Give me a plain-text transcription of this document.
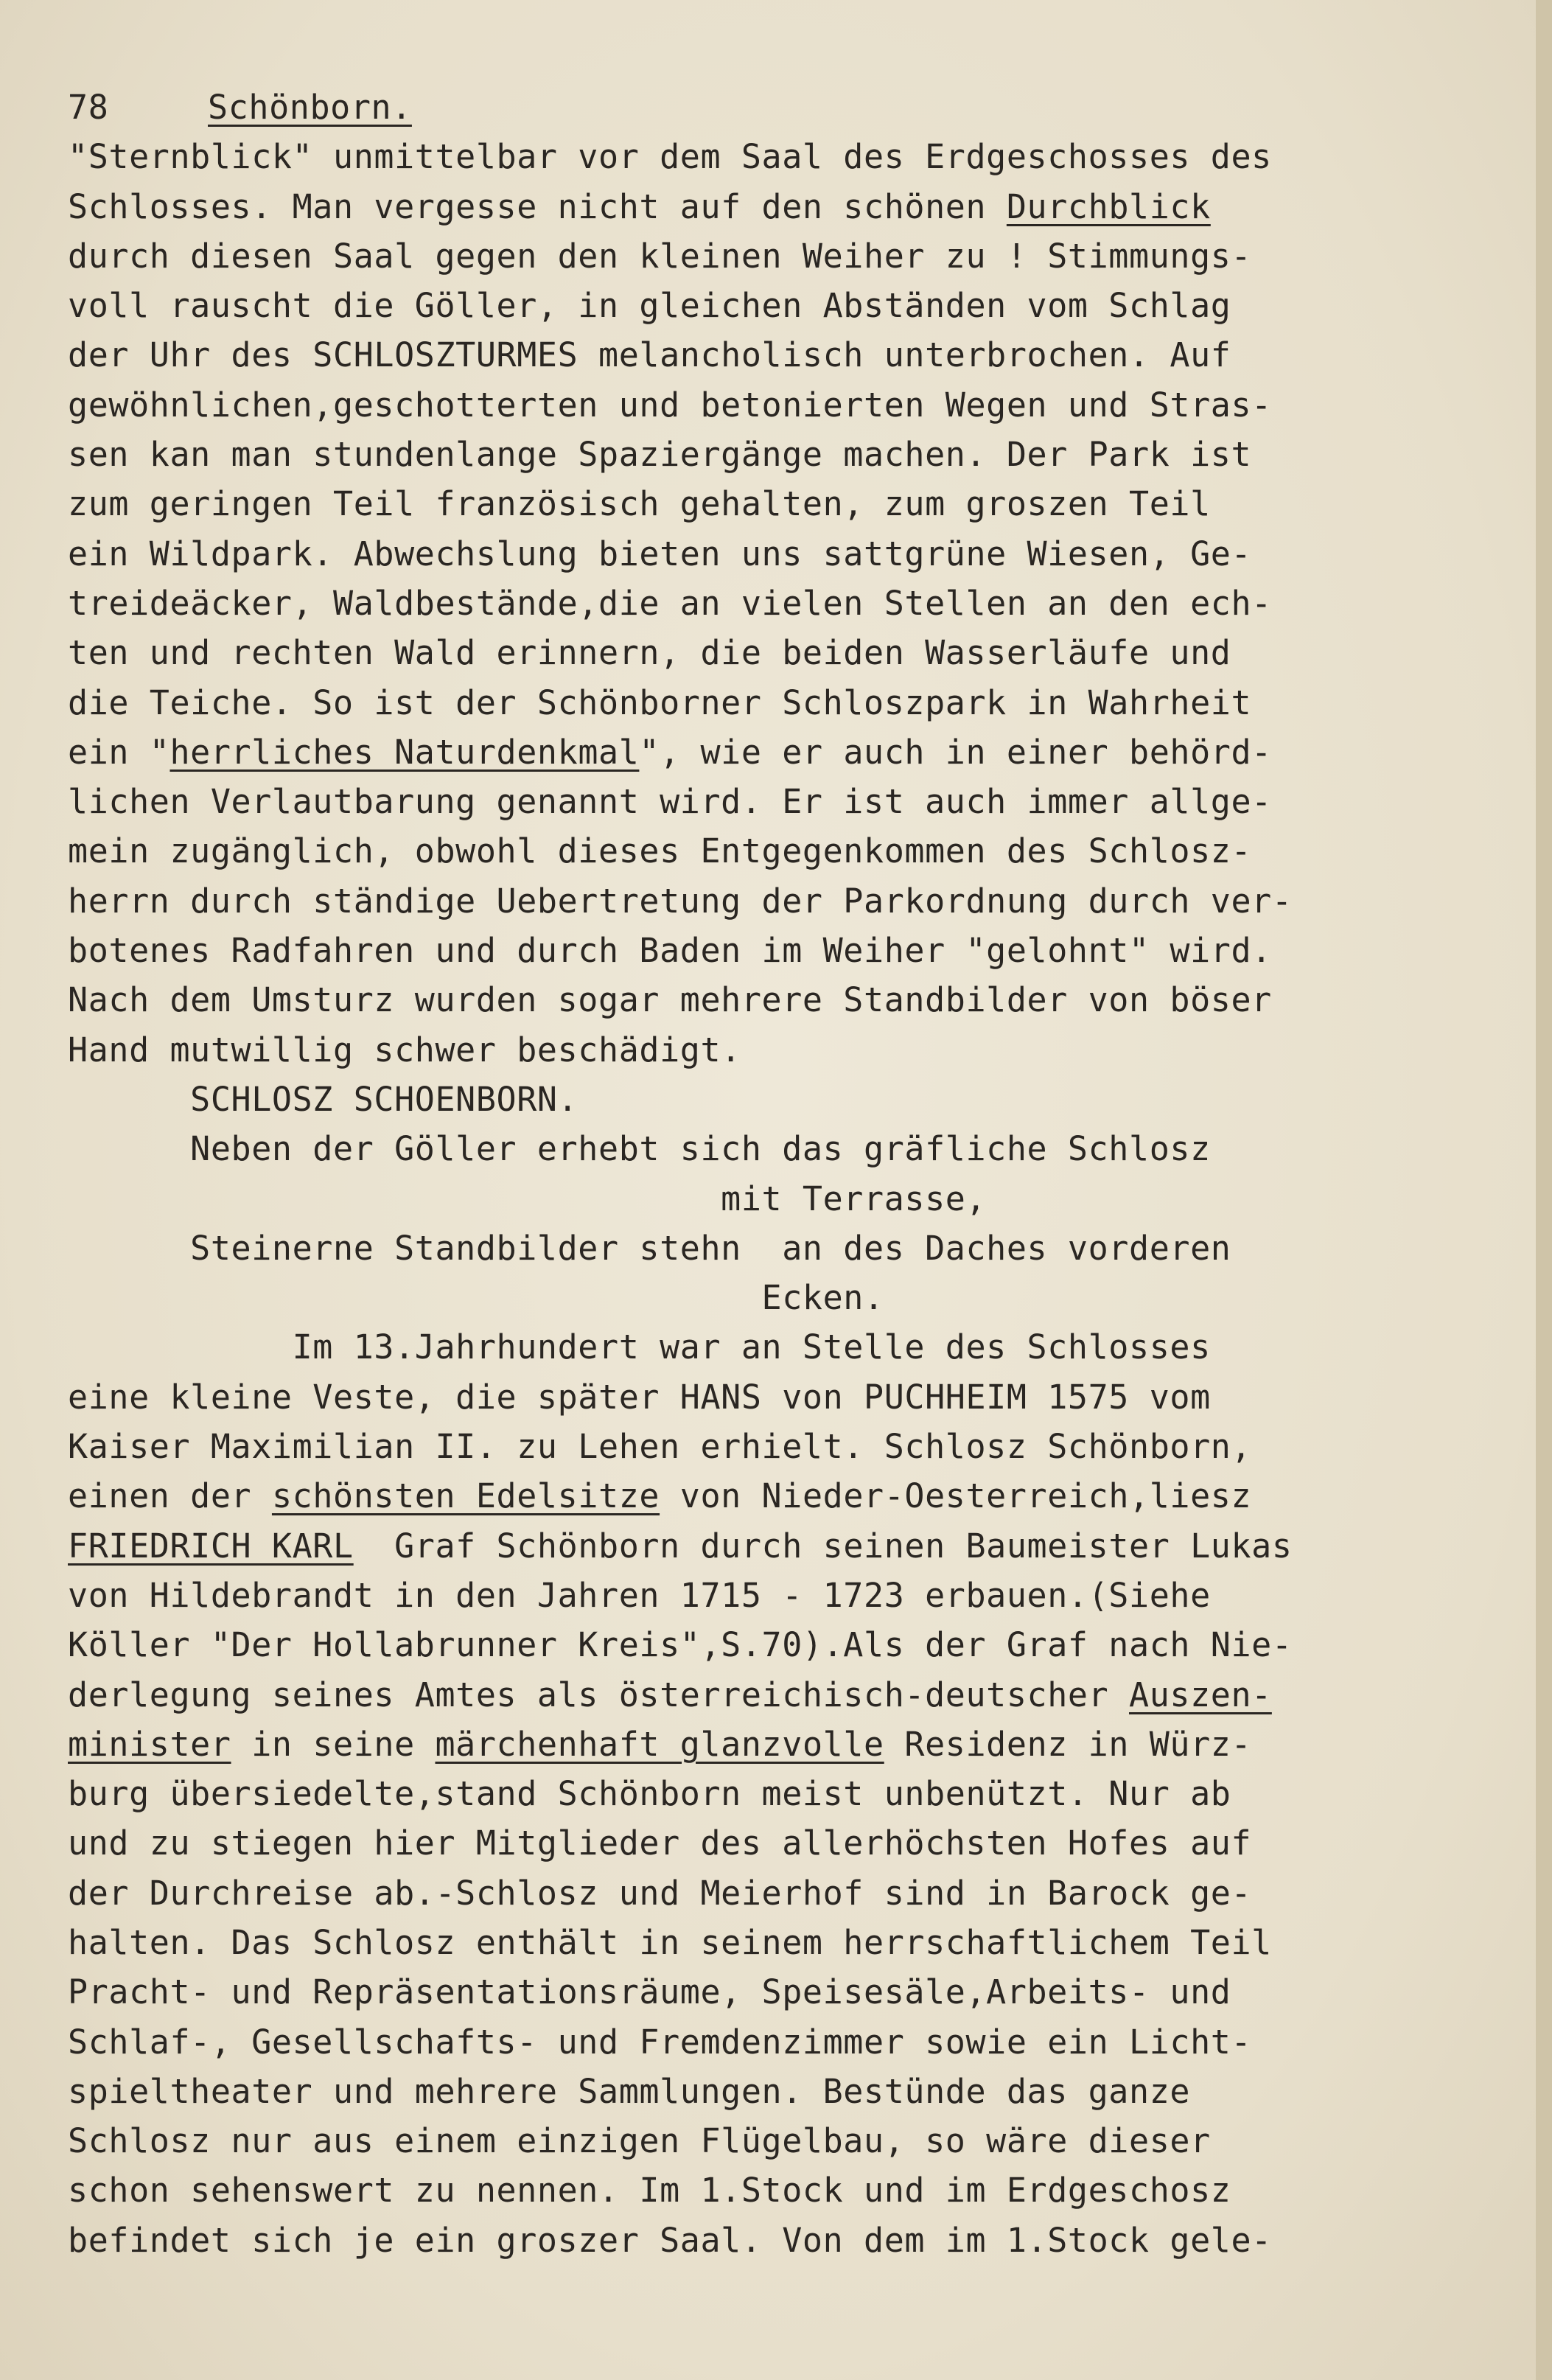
78	Schönborn.
"Sternblick" unmittelbar vor dem Saal des Erdgeschosses des
Schlosses. Man vergesse nicht auf den schönen Durchblick
durch diesen Saal gegen den kleinen Weiher zu ! Stimmungs-
voll rauscht die Göller, in gleichen Abständen vom Schlag
der Uhr des SCHLOSZTURMES melancholisch unterbrochen. Auf
gewöhnlichen,geschotterten und betonierten Wegen und Stras-
sen kan man stundenlange Spaziergänge machen. Der Park ist
zum geringen Teil französisch gehalten, zum groszen Teil
ein Wildpark. Abwechslung bieten uns sattgrüne Wiesen, Ge-
treideäcker, Waldbestände,die an vielen Stellen an den ech-
ten und rechten Wald erinnern, die beiden Wasserläufe und
die Teiche. So ist der Schönborner Schloszpark in Wahrheit
ein "herrliches Naturdenkmal", wie er auch in einer behörd-
lichen Verlautbarung genannt wird. Er ist auch immer allge-
mein zugänglich, obwohl dieses Entgegenkommen des Schlosz-
herrn durch ständige Uebertretung der Parkordnung durch ver-
botenes Radfahren und durch Baden im Weiher "gelohnt" wird.
Nach dem Umsturz wurden sogar mehrere Standbilder von böser
Hand mutwillig schwer beschädigt.
SCHLOSZ SCHOENBORN.
Neben der Göller erhebt sich das gräfliche Schlosz
mit Terrasse,
Steinerne Standbilder stehn  an des Daches vorderen
Ecken.
Im 13.Jahrhundert war an Stelle des Schlosses
eine kleine Veste, die später HANS von PUCHHEIM 1575 vom
Kaiser Maximilian II. zu Lehen erhielt. Schlosz Schönborn,
einen der schönsten Edelsitze von Nieder-Oesterreich,liesz
FRIEDRICH KARL  Graf Schönborn durch seinen Baumeister Lukas
von Hildebrandt in den Jahren 1715 - 1723 erbauen.(Siehe
Köller "Der Hollabrunner Kreis",S.70).Als der Graf nach Nie-
derlegung seines Amtes als österreichisch-deutscher Auszen-
minister in seine märchenhaft glanzvolle Residenz in Würz-
burg übersiedelte,stand Schönborn meist unbenützt. Nur ab
und zu stiegen hier Mitglieder des allerhöchsten Hofes auf
der Durchreise ab.-Schlosz und Meierhof sind in Barock ge-
halten. Das Schlosz enthält in seinem herrschaftlichem Teil
Pracht- und Repräsentationsräume, Speisesäle,Arbeits- und
Schlaf-, Gesellschafts- und Fremdenzimmer sowie ein Licht-
spieltheater und mehrere Sammlungen. Bestünde das ganze
Schlosz nur aus einem einzigen Flügelbau, so wäre dieser
schon sehenswert zu nennen. Im 1.Stock und im Erdgeschosz
befindet sich je ein groszer Saal. Von dem im 1.Stock gele-
